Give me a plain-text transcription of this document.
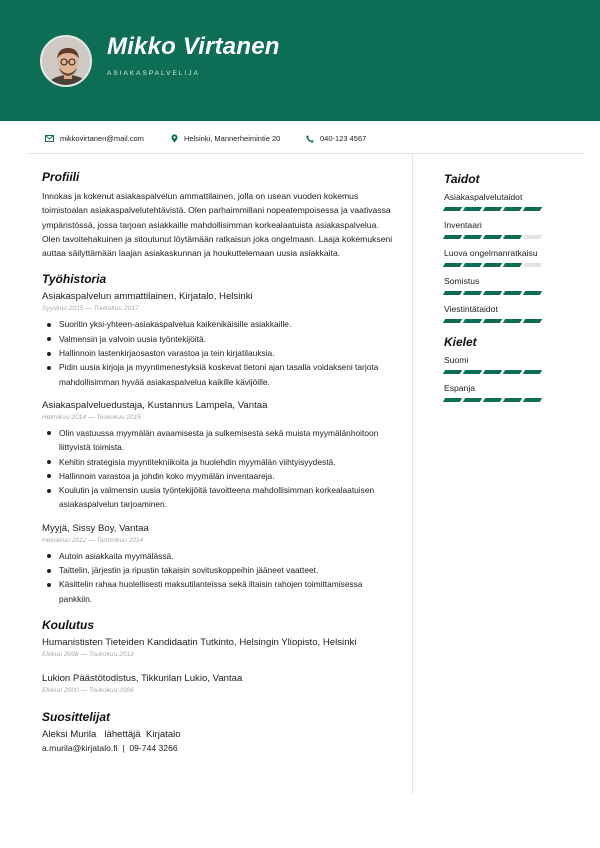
Mikko Virtanen
ASIAKASPALVELIJA
mikkovirtanen@mail.com	Helsinki, Mannerheimintie 20	040-123 4567
Profiili
Innokas ja kokenut asiakaspalvelun ammattilainen, jolla on usean vuoden kokemus toimistoalan asiakaspalvelutehtävistä. Olen parhaimmillani nopeatempoisessa ja vaativassa ympäristössä, jossa tarjoan asiakkaille mahdollisimman korkealaatuista asiakaspalvelua. Olen tavoitehakuinen ja sitoutunut löytämään ratkaisun joka ongelmaan. Laaja kokemukseni auttaa säilyttämään laajan asiakaskunnan ja houkuttelemaan uusia asiakkaita.
Työhistoria
Asiakaspalvelun ammattilainen, Kirjatalo, Helsinki
Syyskuu 2015 — Toukokuu 2017
Suoritin yksi-yhteen-asiakaspalvelua kaikenikäisille asiakkaille.
Valmensin ja valvoin uusia työntekijöitä.
Hallinnoin lastenkirjaosaston varastoa ja tein kirjatilauksia.
Pidin uusia kirjoja ja myyntimenestyksiä koskevat tietoni ajan tasalla voidakseni tarjota mahdollisimman hyvää asiakaspalvelua kaikille kävijöille.
Asiakaspalveluedustaja, Kustannus Lampela, Vantaa
Helmikuu 2014 — Toukokuu 2015
Olin vastuussa myymälän avaamisesta ja sulkemisesta sekä muista myymälänhoitoon liittyvistä toimista.
Kehitin strategisia myyntitekniikoita ja huolehdin myymälän viihtyisyydestä.
Hallinnoin varastoa ja johdin koko myymälän inventaareja.
Koulutin ja valmensin uusia työntekijöitä tavoitteena mahdollisimman korkealaatuisen asiakaspalvelun tarjoaminen.
Myyjä, Sissy Boy, Vantaa
Heinäkuu 2012 — Tammikuu 2014
Autoin asiakkaita myymälässä.
Taittelin, järjestin ja ripustin takaisin sovituskoppeihin jääneet vaatteet.
Käsittelin rahaa huolellisesti maksutilanteissa sekä iltaisin rahojen toimittamisessa pankkiin.
Koulutus
Humanististen Tieteiden Kandidaatin Tutkinto, Helsingin Yliopisto, Helsinki
Elokuu 2008 — Toukokuu 2012
Lukion Päästötodistus, Tikkurilan Lukio, Vantaa
Elokuu 2000 — Toukokuu 2006
Suosittelijat
Aleksi Murila   lähettäjä  Kirjatalo
a.murila@kirjatalo.fi  |  09-744 3266
Taidot
Asiakaspalvelutaidot
Inventaari
Luova ongelmanratkaisu
Somistus
Viestintätaidot
Kielet
Suomi
Espanja
